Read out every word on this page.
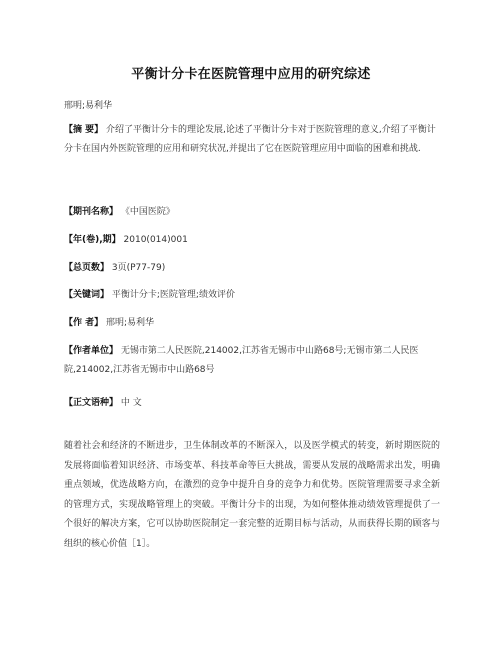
平衡计分卡在医院管理中应用的研究综述
邢明;易利华
【摘 要】 介绍了平衡计分卡的理论发展,论述了平衡计分卡对于医院管理的意义,介绍了平衡计分卡在国内外医院管理的应用和研究状况,并提出了它在医院管理应用中面临的困难和挑战.
【期刊名称】 《中国医院》
【年(卷),期】 2010(014)001
【总页数】 3页(P77-79)
【关键词】 平衡计分卡;医院管理;绩效评价
【作 者】 邢明;易利华
【作者单位】 无锡市第二人民医院,214002,江苏省无锡市中山路68号;无锡市第二人民医院,214002,江苏省无锡市中山路68号
【正文语种】 中 文
随着社会和经济的不断进步，卫生体制改革的不断深入，以及医学模式的转变，新时期医院的发展将面临着知识经济、市场变革、科技革命等巨大挑战，需要从发展的战略需求出发，明确重点领域，优选战略方向，在激烈的竞争中提升自身的竞争力和优势。医院管理需要寻求全新的管理方式，实现战略管理上的突破。平衡计分卡的出现，为如何整体推动绩效管理提供了一个很好的解决方案，它可以协助医院制定一套完整的近期目标与活动，从而获得长期的顾客与组织的核心价值［1］。
